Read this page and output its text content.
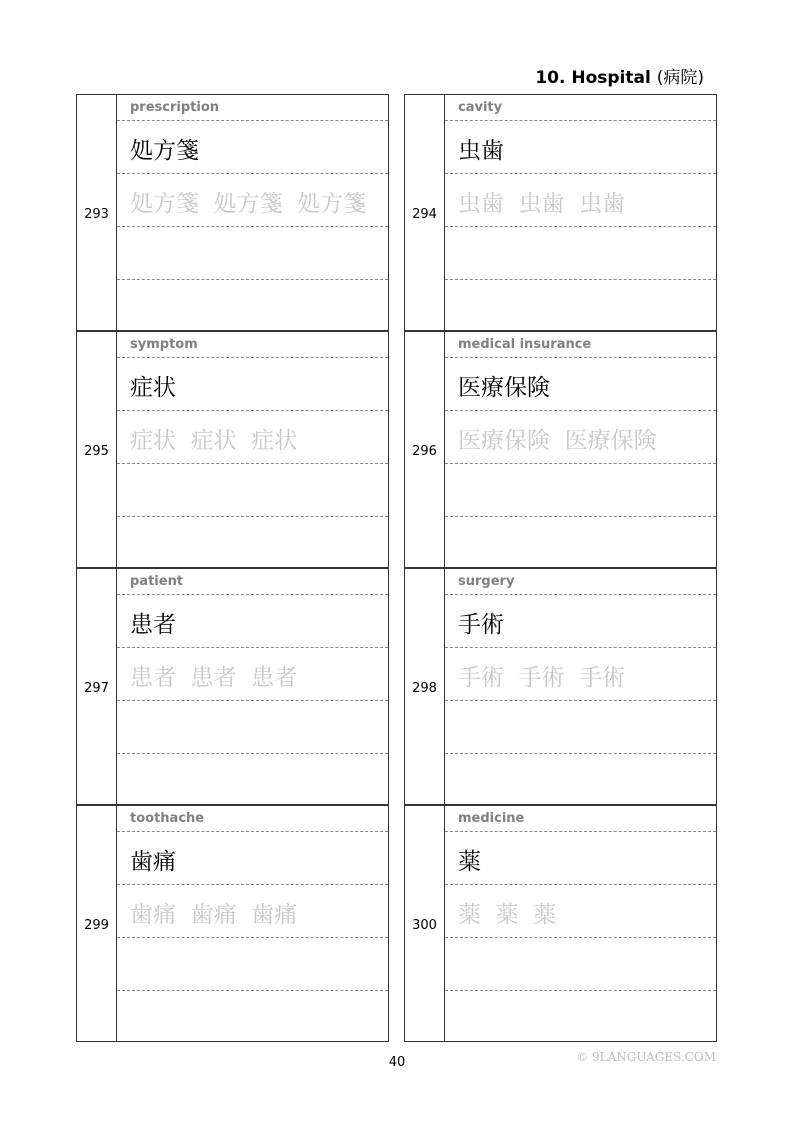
10. Hospital (病院)
293
prescription
処方箋
処方箋  処方箋  処方箋	294
cavity
虫歯
虫歯  虫歯  虫歯
295
symptom
症状
症状  症状  症状	296
medical insurance
医療保険
医療保険  医療保険
297
patient
患者
患者  患者  患者	298
surgery
手術
手術  手術  手術
299
toothache
歯痛
歯痛  歯痛  歯痛	300
medicine
薬
薬  薬  薬
40	© 9LANGUAGES.COM
